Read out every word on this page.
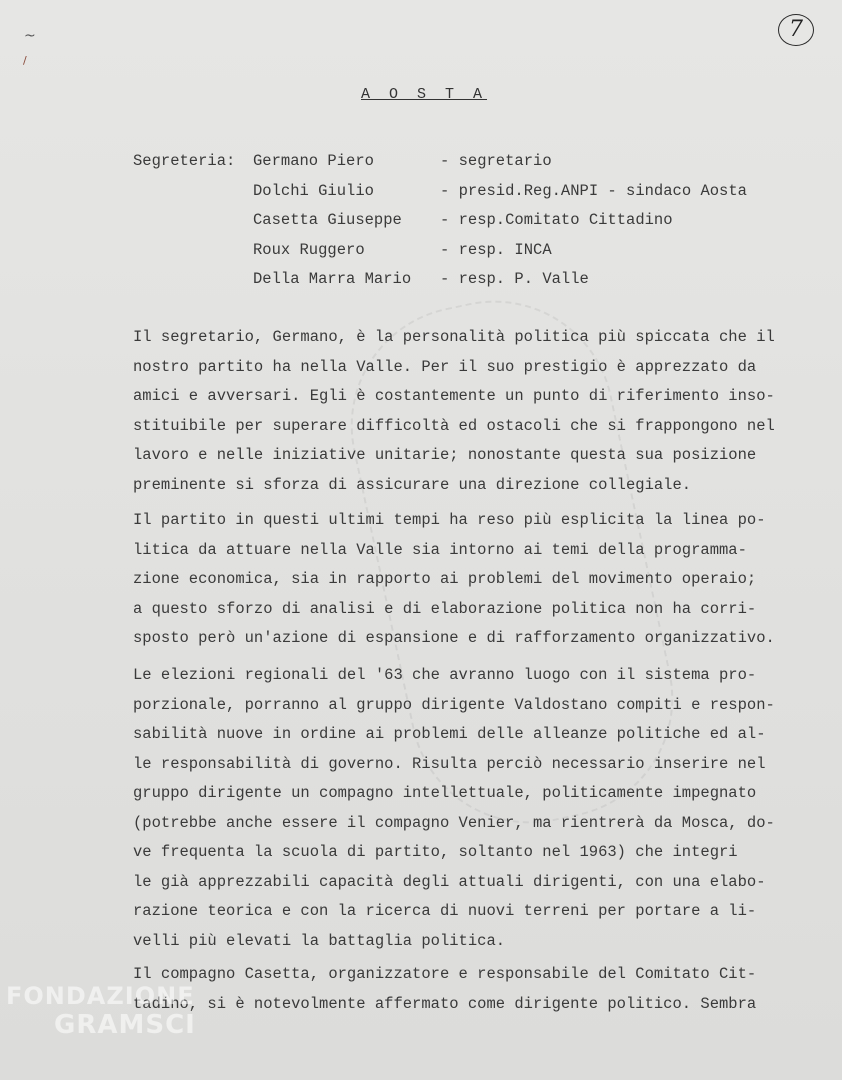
~
/
7
A O S T A

Segreteria:

Germano Piero

	- segretario

Dolchi Giulio

	- presid.Reg.ANPI - sindaco Aosta

Casetta Giuseppe

- resp.Comitato Cittadino

Roux Ruggero

	- resp. INCA

Della Marra Mario

- resp. P. Valle

Il segretario, Germano, è la personalità politica più spiccata che il
nostro partito ha nella Valle. Per il suo prestigio è apprezzato da
amici e avversari. Egli è costantemente un punto di riferimento inso-
stituibile per superare difficoltà ed ostacoli che si frappongono nel
lavoro e nelle iniziative unitarie; nonostante questa sua posizione
preminente si sforza di assicurare una direzione collegiale.
Il partito in questi ultimi tempi ha reso più esplicita la linea po-
litica da attuare nella Valle sia intorno ai temi della programma-
zione economica, sia in rapporto ai problemi del movimento operaio;
a questo sforzo di analisi e di elaborazione politica non ha corri-
sposto però un'azione di espansione e di rafforzamento organizzativo.
Le elezioni regionali del '63 che avranno luogo con il sistema pro-
porzionale, porranno al gruppo dirigente Valdostano compiti e respon-
sabilità nuove in ordine ai problemi delle alleanze politiche ed al-
le responsabilità di governo. Risulta perciò necessario inserire nel
gruppo dirigente un compagno intellettuale, politicamente impegnato
(potrebbe anche essere il compagno Venier, ma rientrerà da Mosca, do-
ve frequenta la scuola di partito, soltanto nel 1963) che integri
le già apprezzabili capacità degli attuali dirigenti, con una elabo-
razione teorica e con la ricerca di nuovi terreni per portare a li-
velli più elevati la battaglia politica.
Il compagno Casetta, organizzatore e responsabile del Comitato Cit-
tadino, si è notevolmente affermato come dirigente politico. Sembra
FONDAZIONE
GRAMSCI
